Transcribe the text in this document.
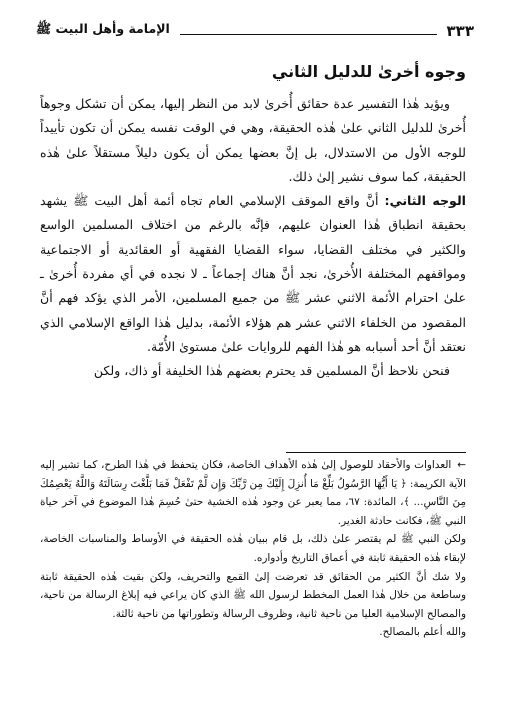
٣٣٣
الإمامة وأهل البيت ﷺ
وجوه أخرىٰ للدليل الثاني

ويؤيد هٰذا التفسير عدة حقائق أُخرىٰ لابد من النظر إليها، يمكن أن تشكل وجوهاً أُخرىٰ للدليل الثاني علىٰ هٰذه الحقيقة، وهي في الوقت نفسه يمكن أن تكون تأييداً للوجه الأول من الاستدلال، بل إنَّ بعضها يمكن أن يكون دليلاً مستقلاً علىٰ هٰذه الحقيقة، كما سوف نشير إلىٰ ذلك.

الوجه الثاني: أنَّ واقع الموقف الإسلامي العام تجاه أئمة أهل البيت ﷺ يشهد بحقيقة انطباق هٰذا العنوان عليهم، فإنَّه بالرغم من اختلاف المسلمين الواسع والكثير في مختلف القضايا، سواء القضايا الفقهية أو العقائدية أو الاجتماعية ومواقفهم المختلفة الأُخرىٰ، نجد أنَّ هناك إجماعاً ـ لا نجده في أي مفردة أُخرىٰ ـ علىٰ احترام الأئمة الاثني عشر ﷺ من جميع المسلمين، الأمر الذي يؤكد فهم أنَّ المقصود من الخلفاء الاثني عشر هم هؤلاء الأئمة، بدليل هٰذا الواقع الإسلامي الذي نعتقد أنَّ أحد أسبابه هو هٰذا الفهم للروايات علىٰ مستوىٰ الأُمّة.

فنحن نلاحظ أنَّ المسلمين قد يحترم بعضهم هٰذا الخليفة أو ذاك، ولكن

←العداوات والأحقاد للوصول إلىٰ هٰذه الأهداف الخاصة، فكان يتحفظ في هٰذا الطرح، كما تشير إليه الآية الكريمة: ﴿ يَا أَيُّهَا الرَّسُولُ بَلِّغْ مَا أُنزِلَ إِلَيْكَ مِن رَّبِّكَ وَإِن لَّمْ تَفْعَلْ فَمَا بَلَّغْتَ رِسَالَتَهُ وَاللَّهُ يَعْصِمُكَ مِنَ النَّاسِ... ﴾، المائدة: ٦٧، مما يعبر عن وجود هٰذه الخشية حتىٰ حُسِمَ هٰذا الموضوع في آخر حياة النبي ﷺ، فكانت حادثة الغدير.

ولكن النبي ﷺ لم يقتصر علىٰ ذلك، بل قام ببيان هٰذه الحقيقة في الأوساط والمناسبات الخاصة، لإبقاء هٰذه الحقيقة ثابتة في أعماق التاريخ وأدواره.

ولا شك أنَّ الكثير من الحقائق قد تعرضت إلىٰ القمع والتحريف، ولكن بقيت هٰذه الحقيقة ثابتة وساطعة من خلال هٰذا العمل المخطط لرسول الله ﷺ الذي كان يراعي فيه إبلاغ الرسالة من ناحية، والمصالح الإسلامية العليا من ناحية ثانية، وظروف الرسالة وتطوراتها من ناحية ثالثة.

والله أعلم بالمصالح.
